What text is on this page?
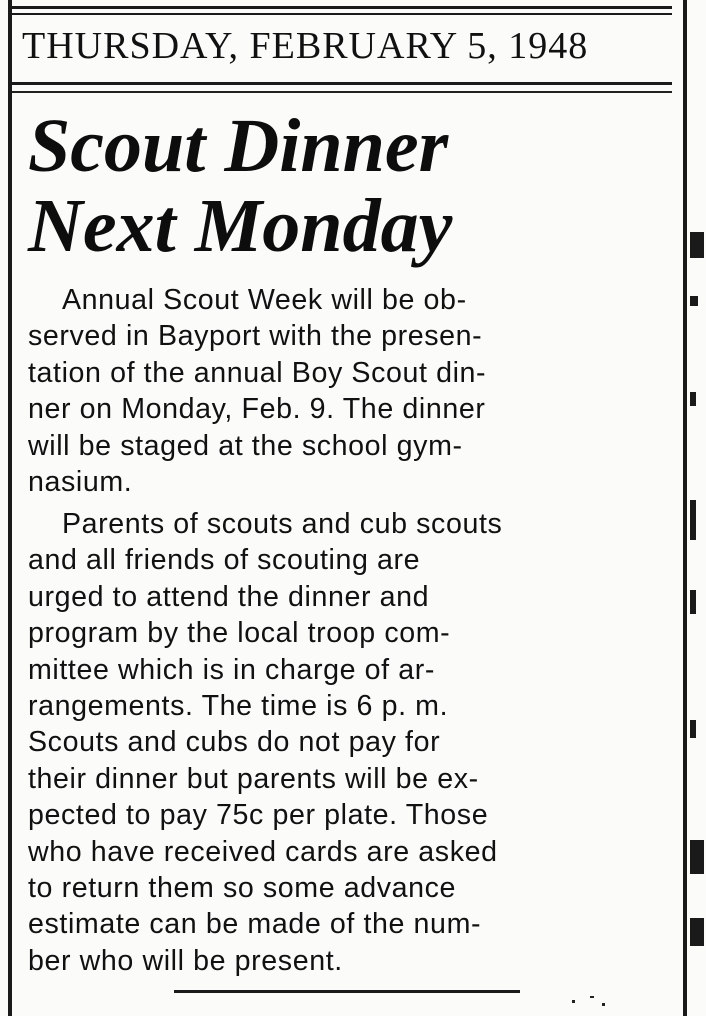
THURSDAY, FEBRUARY 5, 1948
Scout Dinner
Next Monday
Annual Scout Week will be ob-
served in Bayport with the presen-
tation of the annual Boy Scout din-
ner on Monday, Feb. 9. The dinner
will be staged at the school gym-
nasium.
Parents of scouts and cub scouts
and all friends of scouting are
urged to attend the dinner and
program by the local troop com-
mittee which is in charge of ar-
rangements. The time is 6 p. m.
Scouts and cubs do not pay for
their dinner but parents will be ex-
pected to pay 75c per plate. Those
who have received cards are asked
to return them so some advance
estimate can be made of the num-
ber who will be present.
